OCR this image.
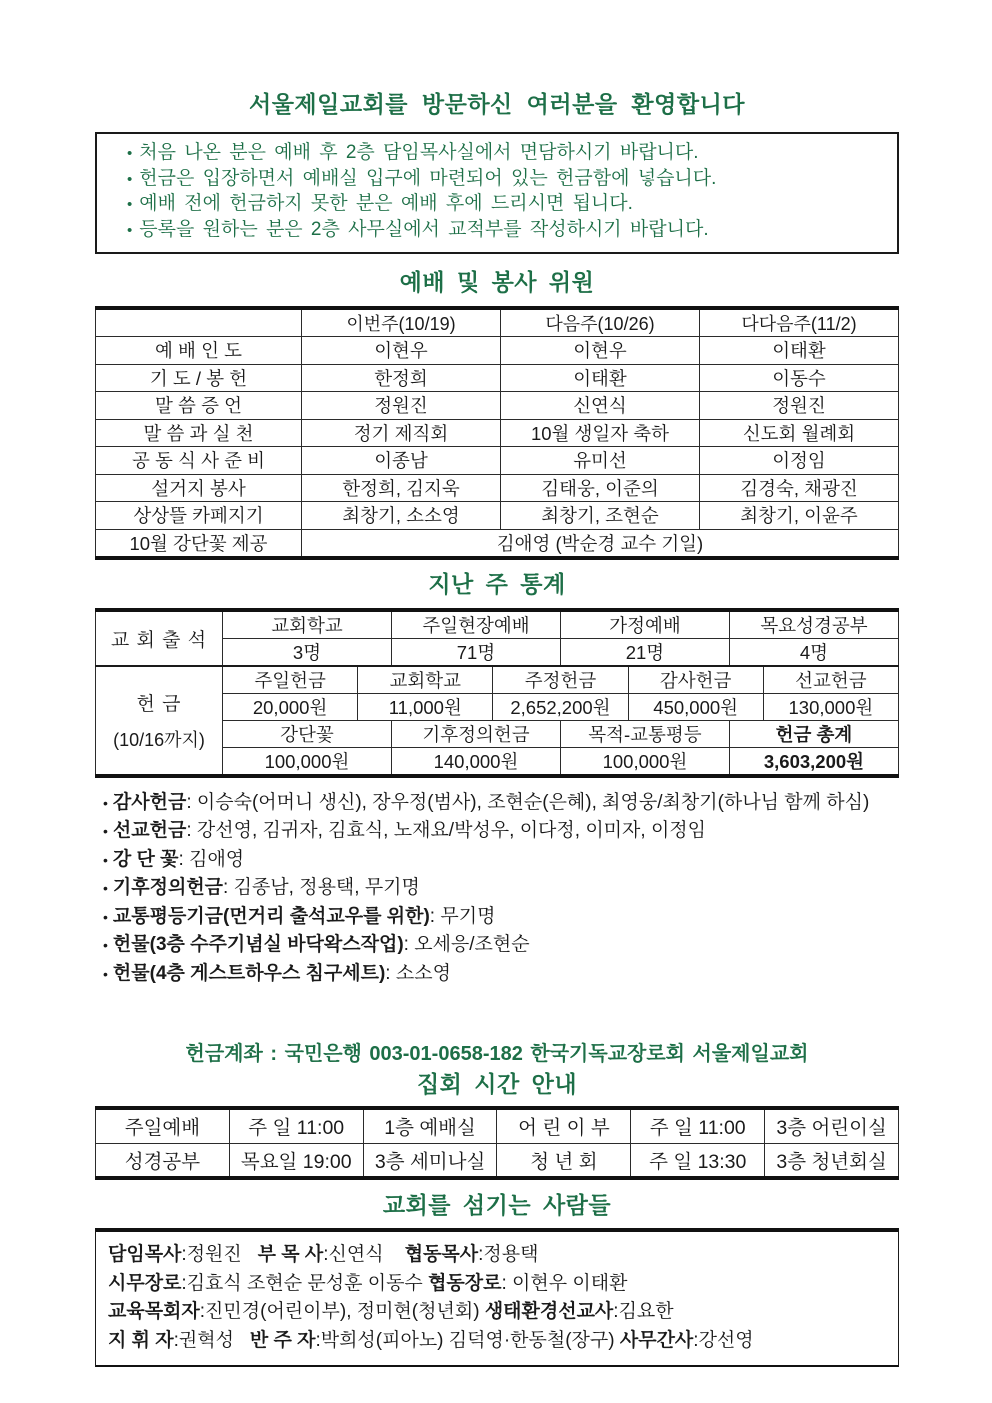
서울제일교회를 방문하신 여러분을 환영합니다
• 처음 나온 분은 예배 후 2층 담임목사실에서 면담하시기 바랍니다.
• 헌금은 입장하면서 예배실 입구에 마련되어 있는 헌금함에 넣습니다.
• 예배 전에 헌금하지 못한 분은 예배 후에 드리시면 됩니다.
• 등록을 원하는 분은 2층 사무실에서 교적부를 작성하시기 바랍니다.
예배 및 봉사 위원
	이번주(10/19)	다음주(10/26)	다다음주(11/2)
예 배 인 도	이현우	이현우	이태환
기 도 / 봉 헌	한정희	이태환	이동수
말 씀 증 언	정원진	신연식	정원진
말 씀 과 실 천	정기 제직회	10월 생일자 축하	신도회 월례회
공 동 식 사 준 비	이종남	유미선	이정임
설거지 봉사	한정희, 김지욱	김태웅, 이준의	김경숙, 채광진
상상뜰 카페지기	최창기, 소소영	최창기, 조현순	최창기, 이윤주
10월 강단꽃 제공	김애영 (박순경 교수 기일)		
지난 주 통계
교 회 출 석	교회학교		주일현장예배		가정예배		목요성경공부	
	3명		71명		21명		4명	

헌 금
(10/16까지)	주일헌금	교회학교		주정헌금		감사헌금		선교헌금
	20,000원	11,000원		2,652,200원		450,000원		130,000원
	강단꽃		기후정의헌금		목적-교통평등		헌금 총계	
	100,000원		140,000원		100,000원		3,603,200원	
• 감사헌금: 이승숙(어머니 생신), 장우정(범사), 조현순(은혜), 최영웅/최창기(하나님 함께 하심)
• 선교헌금: 강선영, 김귀자, 김효식, 노재요/박성우, 이다정, 이미자, 이정임
• 강 단 꽃: 김애영
• 기후정의헌금: 김종남, 정용택, 무기명
• 교통평등기금(먼거리 출석교우를 위한): 무기명
• 헌물(3층 수주기념실 바닥왁스작업): 오세응/조현순
• 헌물(4층 게스트하우스 침구세트): 소소영
헌금계좌 : 국민은행 003-01-0658-182 한국기독교장로회 서울제일교회
집회 시간 안내
주일예배	주 일 11:00	1층 예배실	어 린 이 부	주 일 11:00	3층 어린이실
성경공부	목요일 19:00	3층 세미나실	청 년 회	주 일 13:30	3층 청년회실
교회를 섬기는 사람들
담임목사:정원진   부 목 사:신연식    협동목사:정용택
시무장로:김효식 조현순 문성훈 이동수 협동장로: 이현우 이태환
교육목회자:진민경(어린이부), 정미현(청년회) 생태환경선교사:김요한
지 휘 자:권혁성   반 주 자:박희성(피아노) 김덕영·한동철(장구) 사무간사:강선영
